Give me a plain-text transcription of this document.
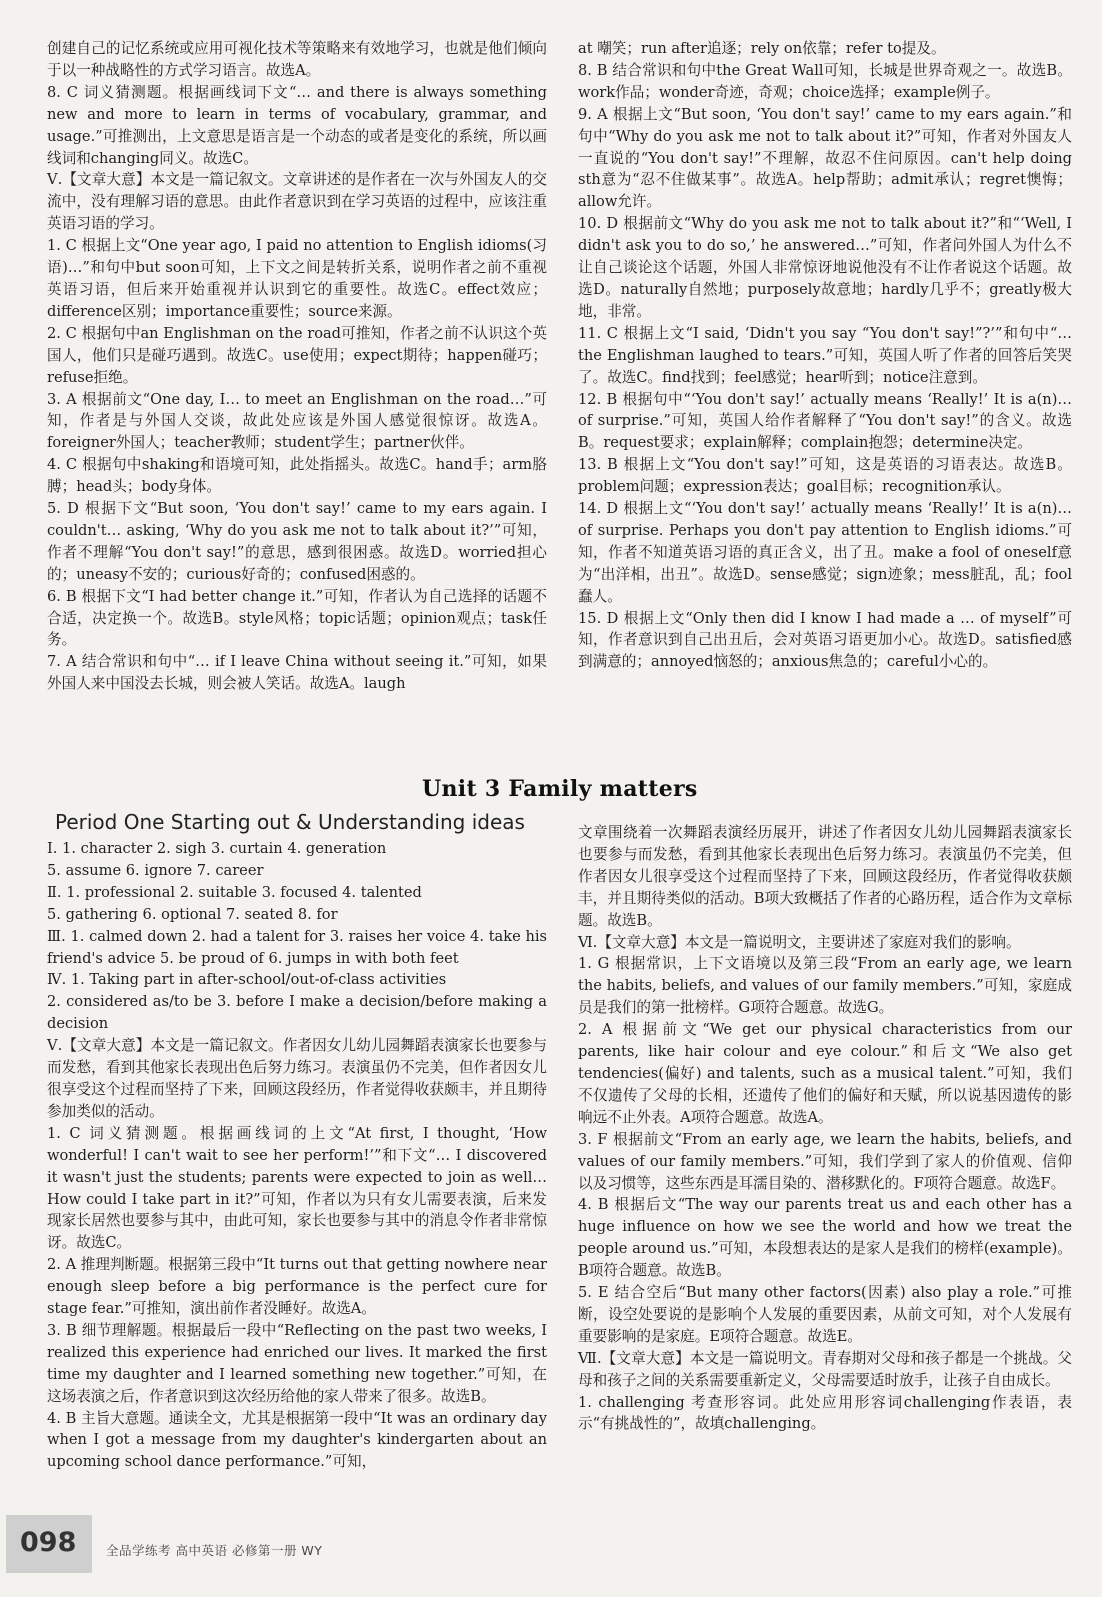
创建自己的记忆系统或应用可视化技术等策略来有效地学习，也就是他们倾向于以一种战略性的方式学习语言。故选A。

8. C 词义猜测题。根据画线词下文“… and there is always something new and more to learn in terms of vocabulary, grammar, and usage.”可推测出，上文意思是语言是一个动态的或者是变化的系统，所以画线词和changing同义。故选C。

Ⅴ.【文章大意】本文是一篇记叙文。文章讲述的是作者在一次与外国友人的交流中，没有理解习语的意思。由此作者意识到在学习英语的过程中，应该注重英语习语的学习。

1. C 根据上文“One year ago, I paid no attention to English idioms(习语)…”和句中but soon可知，上下文之间是转折关系，说明作者之前不重视英语习语，但后来开始重视并认识到它的重要性。故选C。effect效应；difference区别；importance重要性；source来源。

2. C 根据句中an Englishman on the road可推知，作者之前不认识这个英国人，他们只是碰巧遇到。故选C。use使用；expect期待；happen碰巧；refuse拒绝。

3. A 根据前文“One day, I… to meet an Englishman on the road…”可知，作者是与外国人交谈，故此处应该是外国人感觉很惊讶。故选A。foreigner外国人；teacher教师；student学生；partner伙伴。

4. C 根据句中shaking和语境可知，此处指摇头。故选C。hand手；arm胳膊；head头；body身体。

5. D 根据下文“But soon, ‘You don't say!’ came to my ears again. I couldn't… asking, ‘Why do you ask me not to talk about it?’”可知，作者不理解“You don't say!”的意思，感到很困惑。故选D。worried担心的；uneasy不安的；curious好奇的；confused困惑的。

6. B 根据下文“I had better change it.”可知，作者认为自己选择的话题不合适，决定换一个。故选B。style风格；topic话题；opinion观点；task任务。

7. A 结合常识和句中“… if I leave China without seeing it.”可知，如果外国人来中国没去长城，则会被人笑话。故选A。laugh

at 嘲笑；run after追逐；rely on依靠；refer to提及。

8. B 结合常识和句中the Great Wall可知，长城是世界奇观之一。故选B。work作品；wonder奇迹，奇观；choice选择；example例子。

9. A 根据上文“But soon, ‘You don't say!’ came to my ears again.”和句中“Why do you ask me not to talk about it?”可知，作者对外国友人一直说的“You don't say!”不理解，故忍不住问原因。can't help doing sth意为“忍不住做某事”。故选A。help帮助；admit承认；regret懊悔；allow允许。

10. D 根据前文“Why do you ask me not to talk about it?”和“‘Well, I didn't ask you to do so,’ he answered…”可知，作者问外国人为什么不让自己谈论这个话题，外国人非常惊讶地说他没有不让作者说这个话题。故选D。naturally自然地；purposely故意地；hardly几乎不；greatly极大地，非常。

11. C 根据上文“I said, ‘Didn't you say “You don't say!”?’”和句中“… the Englishman laughed to tears.”可知，英国人听了作者的回答后笑哭了。故选C。find找到；feel感觉；hear听到；notice注意到。

12. B 根据句中“‘You don't say!’ actually means ‘Really!’ It is a(n)… of surprise.”可知，英国人给作者解释了“You don't say!”的含义。故选B。request要求；explain解释；complain抱怨；determine决定。

13. B 根据上文“You don't say!”可知，这是英语的习语表达。故选B。problem问题；expression表达；goal目标；recognition承认。

14. D 根据上文“‘You don't say!’ actually means ‘Really!’ It is a(n)… of surprise. Perhaps you don't pay attention to English idioms.”可知，作者不知道英语习语的真正含义，出了丑。make a fool of oneself意为“出洋相，出丑”。故选D。sense感觉；sign迹象；mess脏乱，乱；fool蠢人。

15. D 根据上文“Only then did I know I had made a … of myself”可知，作者意识到自己出丑后，会对英语习语更加小心。故选D。satisfied感到满意的；annoyed恼怒的；anxious焦急的；careful小心的。

Unit 3 Family matters
Period One Starting out & Understanding ideas

Ⅰ. 1. character 2. sigh 3. curtain 4. generation

5. assume 6. ignore 7. career

Ⅱ. 1. professional 2. suitable 3. focused 4. talented

5. gathering 6. optional 7. seated 8. for

Ⅲ. 1. calmed down 2. had a talent for 3. raises her voice 4. take his friend's advice 5. be proud of 6. jumps in with both feet

Ⅳ. 1. Taking part in after-school/out-of-class activities

2. considered as/to be 3. before I make a decision/before making a decision

Ⅴ.【文章大意】本文是一篇记叙文。作者因女儿幼儿园舞蹈表演家长也要参与而发愁，看到其他家长表现出色后努力练习。表演虽仍不完美，但作者因女儿很享受这个过程而坚持了下来，回顾这段经历，作者觉得收获颇丰，并且期待参加类似的活动。

1. C 词义猜测题。根据画线词的上文“At first, I thought, ‘How wonderful! I can't wait to see her perform!’”和下文“… I discovered it wasn't just the students; parents were expected to join as well… How could I take part in it?”可知，作者以为只有女儿需要表演，后来发现家长居然也要参与其中，由此可知，家长也要参与其中的消息令作者非常惊讶。故选C。

2. A 推理判断题。根据第三段中“It turns out that getting nowhere near enough sleep before a big performance is the perfect cure for stage fear.”可推知，演出前作者没睡好。故选A。

3. B 细节理解题。根据最后一段中“Reflecting on the past two weeks, I realized this experience had enriched our lives. It marked the first time my daughter and I learned something new together.”可知，在这场表演之后，作者意识到这次经历给他的家人带来了很多。故选B。

4. B 主旨大意题。通读全文，尤其是根据第一段中“It was an ordinary day when I got a message from my daughter's kindergarten about an upcoming school dance performance.”可知，

文章围绕着一次舞蹈表演经历展开，讲述了作者因女儿幼儿园舞蹈表演家长也要参与而发愁，看到其他家长表现出色后努力练习。表演虽仍不完美，但作者因女儿很享受这个过程而坚持了下来，回顾这段经历，作者觉得收获颇丰，并且期待类似的活动。B项大致概括了作者的心路历程，适合作为文章标题。故选B。

Ⅵ.【文章大意】本文是一篇说明文，主要讲述了家庭对我们的影响。

1. G 根据常识，上下文语境以及第三段“From an early age, we learn the habits, beliefs, and values of our family members.”可知，家庭成员是我们的第一批榜样。G项符合题意。故选G。

2. A 根据前文“We get our physical characteristics from our parents, like hair colour and eye colour.”和后文“We also get tendencies(偏好) and talents, such as a musical talent.”可知，我们不仅遗传了父母的长相，还遗传了他们的偏好和天赋，所以说基因遗传的影响远不止外表。A项符合题意。故选A。

3. F 根据前文“From an early age, we learn the habits, beliefs, and values of our family members.”可知，我们学到了家人的价值观、信仰以及习惯等，这些东西是耳濡目染的、潜移默化的。F项符合题意。故选F。

4. B 根据后文“The way our parents treat us and each other has a huge influence on how we see the world and how we treat the people around us.”可知，本段想表达的是家人是我们的榜样(example)。B项符合题意。故选B。

5. E 结合空后“But many other factors(因素) also play a role.”可推断，设空处要说的是影响个人发展的重要因素，从前文可知，对个人发展有重要影响的是家庭。E项符合题意。故选E。

Ⅶ.【文章大意】本文是一篇说明文。青春期对父母和孩子都是一个挑战。父母和孩子之间的关系需要重新定义，父母需要适时放手，让孩子自由成长。

1. challenging 考查形容词。此处应用形容词challenging作表语，表示“有挑战性的”，故填challenging。

098 全品学练考 高中英语 必修第一册 WY
